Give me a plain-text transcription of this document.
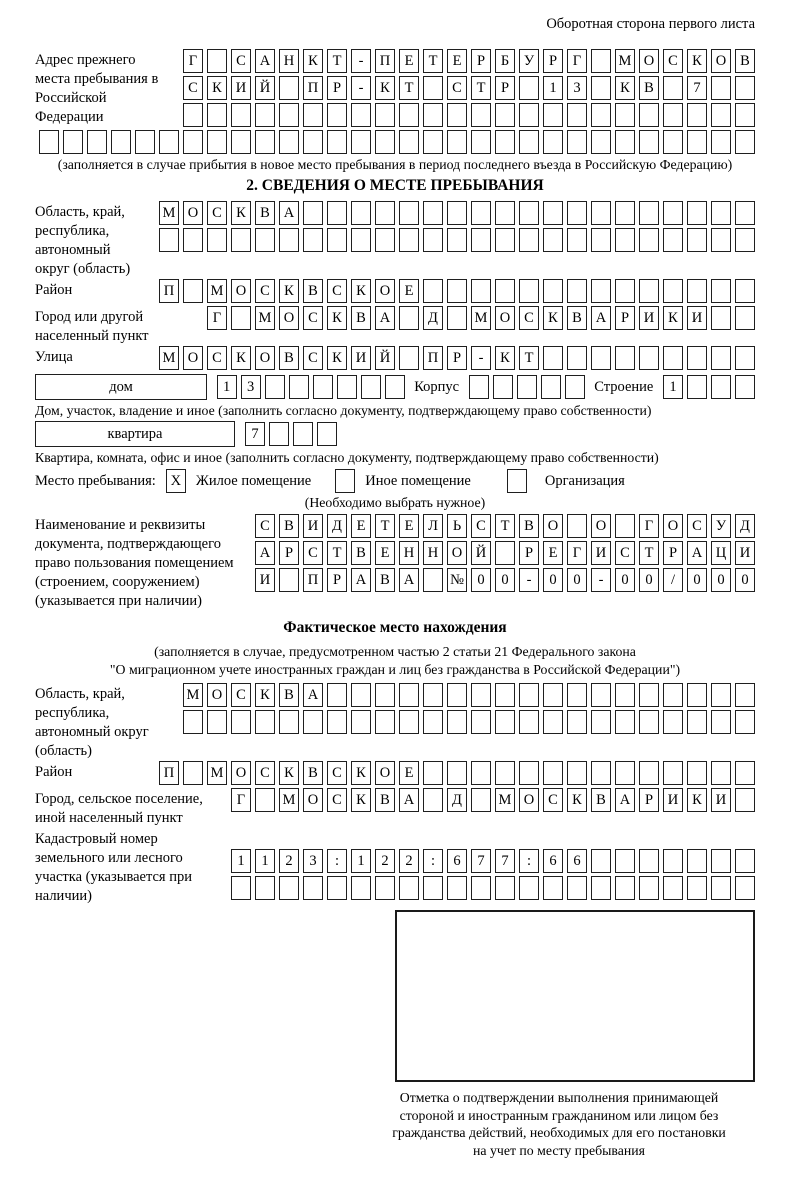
Оборотная сторона первого листа
Адрес прежнего места пребывания в Российской Федерации
Г	С А Н К	Т	-	П Е	Т	Е	Р	Б	У	Р	Г	М О С К О В
С К И Й	П	Р	-	К	Т	С	Т	Р	1	3	К В	7
(заполняется в случае прибытия в новое место пребывания в период последнего въезда в Российскую Федерацию)
2. СВЕДЕНИЯ О МЕСТЕ ПРЕБЫВАНИЯ
Область, край, республика, автономный округ (область)
М О С К В А
Район	П	М О С К В С К О Е
Город или другой населенный пункт
Г	М О С К В А	Д	М О С К В А	Р	И К И
Улица	М О С К О В С К И Й	П	Р	-	К	Т
дом	1	3	Корпус	Строение	1
Дом, участок, владение и иное (заполнить согласно документу, подтверждающему право собственности)
квартира	7
Квартира, комната, офис и иное (заполнить согласно документу, подтверждающему право собственности)
Место пребывания:	X	Жилое помещение	Иное помещение	Организация
(Необходимо выбрать нужное)
Наименование и реквизиты документа, подтверждающего право пользования помещением (строением, сооружением) (указывается при наличии)
С В И Д	Е	Т	Е	Л	Ь	С	Т	В О	О	Г	О С У Д
А	Р	С	Т	В	Е Н Н О Й	Р	Е	Г	И С	Т	Р	А Ц И
И	П	Р	А В А	№ 0	0	-	0	0	-	0	0	/	0	0	0
Фактическое место нахождения
(заполняется в случае, предусмотренном частью 2 статьи 21 Федерального закона
"О миграционном учете иностранных граждан и лиц без гражданства в Российской Федерации")
Область, край, республика, автономный округ (область)
М О С К В А
Район	П	М О С К В С К О Е
Город, сельское поселение, иной населенный пункт
Г	М О С К В А	Д	М О С К В А	Р	И К И
Кадастровый номер земельного или лесного участка (указывается при наличии)
1	1	2	3	:	1	2	2	:	6	7	7	:	6	6
Отметка о подтверждении выполнения принимающей
стороной и иностранным гражданином или лицом без
гражданства действий, необходимых для его постановки
на учет по месту пребывания
